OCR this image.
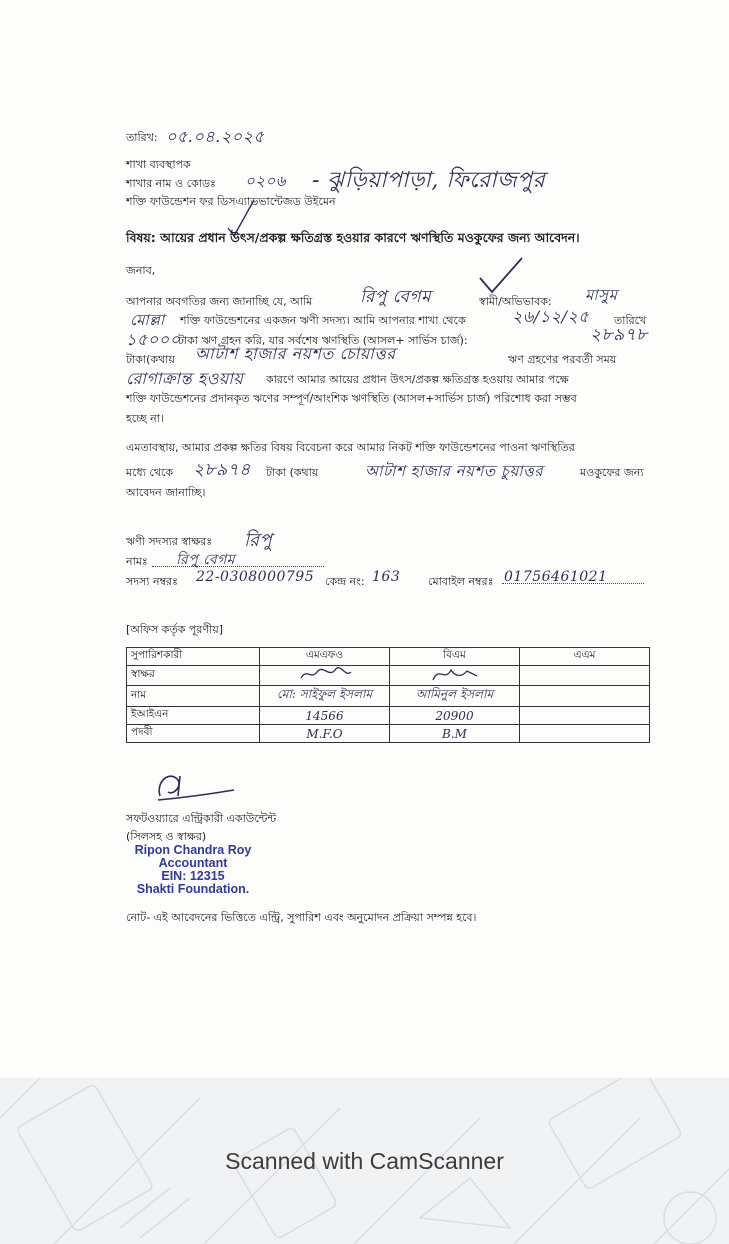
তারিখ: ০৫.০৪.২০২৫
শাখা ব্যবস্থাপক
শাখার নাম ও কোডঃ ০২০৬ - ঝুড়িয়াপাড়া, ফিরোজপুর
শক্তি ফাউন্ডেশন ফর ডিসএ্যাডভান্টেজড উইমেন
বিষয়: আয়ের প্রধান উৎস/প্রকল্প ক্ষতিগ্রস্ত হওয়ার কারণে ঋণস্থিতি মওকুফের জন্য আবেদন।
জনাব,
আপনার অবগতির জন্য জানাচ্ছি যে, আমি	রিপু বেগম	স্বামী/অভিভাবক: মাসুম
মোল্লা শক্তি ফাউন্ডেশনের একজন ঋণী সদস্য। আমি আপনার শাখা থেকে	২৬/১২/২৫ তারিখে
১৫০০০
টাকা ঋণ গ্রহন করি, যার সর্বশেষ ঋণস্থিতি (আসল+ সার্ভিস চার্জ):	২৮৯৭৮
টাকা(কথায় আটাশ হাজার নয়শত চোয়াত্তর	ঋণ গ্রহণের পরবর্তী সময়
রোগাক্রান্ত হওয়ায় কারণে আমার আয়ের প্রধান উৎস/প্রকল্প ক্ষতিগ্রস্ত হওয়ায় আমার পক্ষে
শক্তি ফাউন্ডেশনের প্রদানকৃত ঋণের সম্পূর্ণ/আংশিক ঋণস্থিতি (আসল+সার্ভিস চার্জ) পরিশোধ করা সম্ভব
হচ্ছে না।
এমতাবস্থায়, আমার প্রকল্প ক্ষতির বিষয় বিবেচনা করে আমার নিকট শক্তি ফাউন্ডেশনের পাওনা ঋণস্থিতির
মধ্যে থেকে ২৮৯৭৪ টাকা (কথায়	আটাশ হাজার নয়শত চুয়াত্তর	মওকুফের জন্য
আবেদন জানাচ্ছি।
ঋণী সদস্যর স্বাক্ষরঃ রিপু
নামঃ রিপু বেগম
সদস্য নম্বরঃ 22-0308000795 কেন্দ্র নং: 163	মোবাইল নম্বরঃ 01756461021
[অফিস কর্তৃক পূরণীয়]
সুপারিশকারী	এমএফও	বিএম	এএম
স্বাক্ষর			
নাম	মো: সাইফুল ইসলাম	আমিনুল ইসলাম	
ইআইএন	14566	20900	
পদবী	M.F.O	B.M	
সফটওয়্যারে এন্ট্রিকারী একাউন্টেন্ট
(সিলসহ ও স্বাক্ষর)
Ripon Chandra Roy
Accountant
EIN: 12315
Shakti Foundation.
নোট- এই আবেদনের ভিত্তিতে এন্ট্রি, সুপারিশ এবং অনুমোদন প্রক্রিয়া সম্পন্ন হবে।
Scanned with CamScanner
